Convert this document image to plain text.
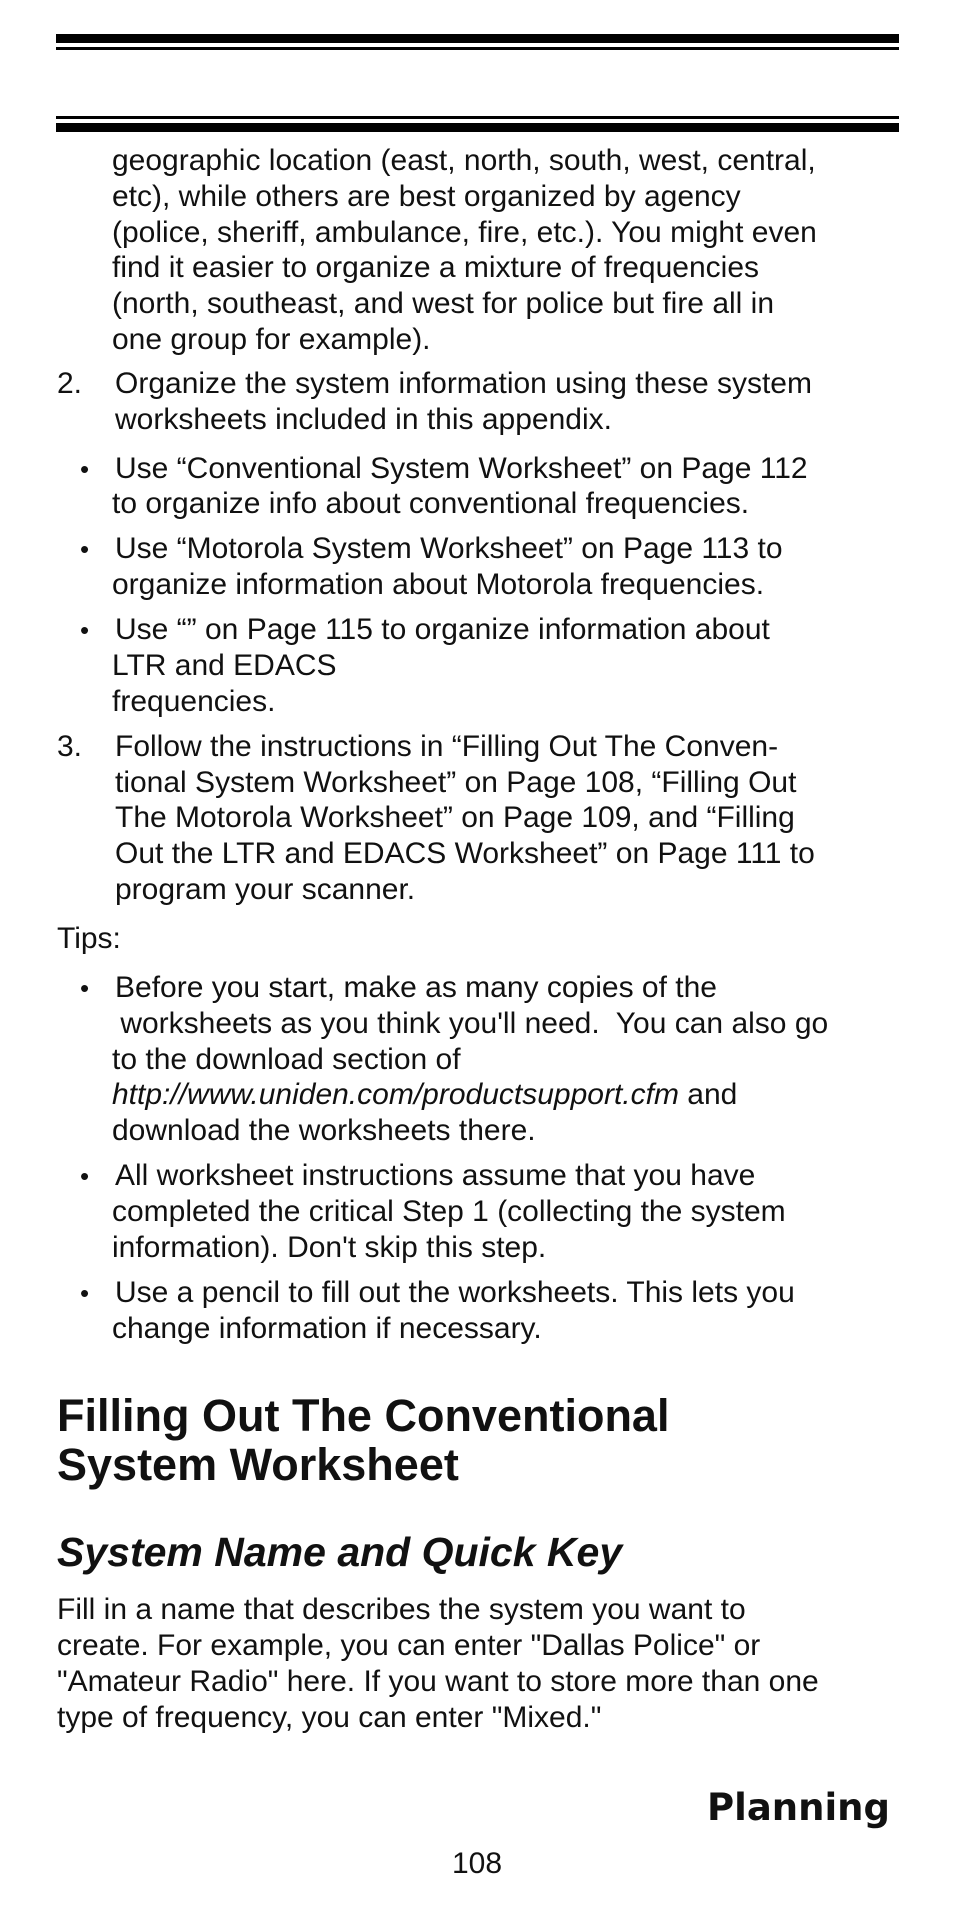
geographic location (east, north, south, west, central,
etc), while others are best organized by agency
(police, sheriff, ambulance, fire, etc.). You might even
find it easier to organize a mixture of frequencies
(north, southeast, and west for police but fire all in
one group for example).
2. Organize the system information using these system
worksheets included in this appendix.
• Use “Conventional System Worksheet” on Page 112
to organize info about conventional frequencies.
• Use “Motorola System Worksheet” on Page 113 to
organize information about Motorola frequencies.
• Use “” on Page 115 to organize information about
LTR and EDACS
frequencies.
3. Follow the instructions in “Filling Out The Conven-
tional System Worksheet” on Page 108, “Filling Out
The Motorola Worksheet” on Page 109, and “Filling
Out the LTR and EDACS Worksheet” on Page 111 to
program your scanner.
Tips:
• Before you start, make as many copies of the
worksheets as you think you'll need.  You can also go
to the download section of
http://www.uniden.com/productsupport.cfm and
download the worksheets there.
• All worksheet instructions assume that you have
completed the critical Step 1 (collecting the system
information). Don't skip this step.
• Use a pencil to fill out the worksheets. This lets you
change information if necessary.
Filling Out The Conventional
System Worksheet
System Name and Quick Key
Fill in a name that describes the system you want to
create. For example, you can enter "Dallas Police" or
"Amateur Radio" here. If you want to store more than one
type of frequency, you can enter "Mixed."
Planning
108
